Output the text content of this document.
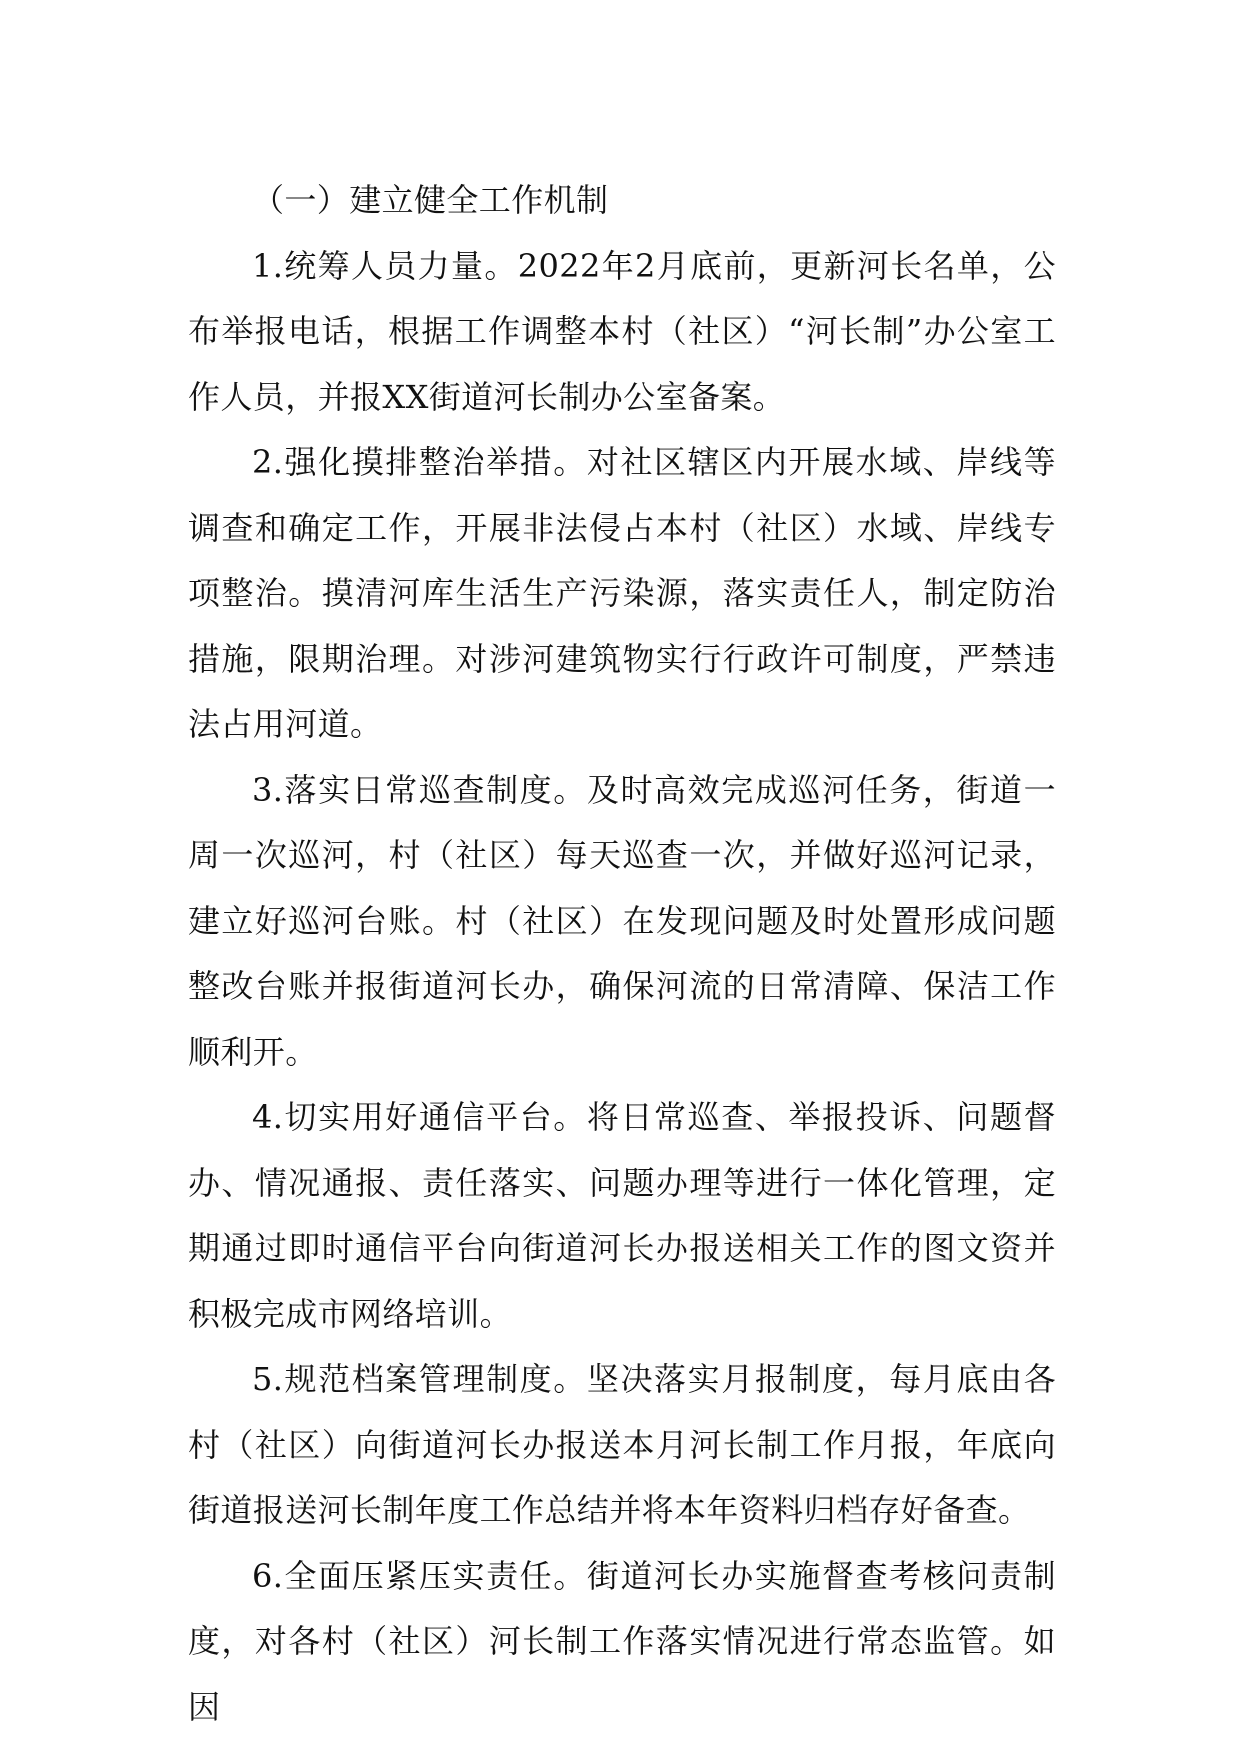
（一）建立健全工作机制

1.统筹人员力量。2022年2月底前，更新河长名单，公布举报电话，根据工作调整本村（社区）“河长制”办公室工作人员，并报XX街道河长制办公室备案。

2.强化摸排整治举措。对社区辖区内开展水域、岸线等调查和确定工作，开展非法侵占本村（社区）水域、岸线专项整治。摸清河库生活生产污染源，落实责任人，制定防治措施，限期治理。对涉河建筑物实行行政许可制度，严禁违法占用河道。

3.落实日常巡查制度。及时高效完成巡河任务，街道一周一次巡河，村（社区）每天巡查一次，并做好巡河记录，建立好巡河台账。村（社区）在发现问题及时处置形成问题整改台账并报街道河长办，确保河流的日常清障、保洁工作顺利开。

4.切实用好通信平台。将日常巡查、举报投诉、问题督办、情况通报、责任落实、问题办理等进行一体化管理，定期通过即时通信平台向街道河长办报送相关工作的图文资并积极完成市网络培训。

5.规范档案管理制度。坚决落实月报制度，每月底由各村（社区）向街道河长办报送本月河长制工作月报，年底向街道报送河长制年度工作总结并将本年资料归档存好备查。

6.全面压紧压实责任。街道河长办实施督查考核问责制度，对各村（社区）河长制工作落实情况进行常态监管。如因
